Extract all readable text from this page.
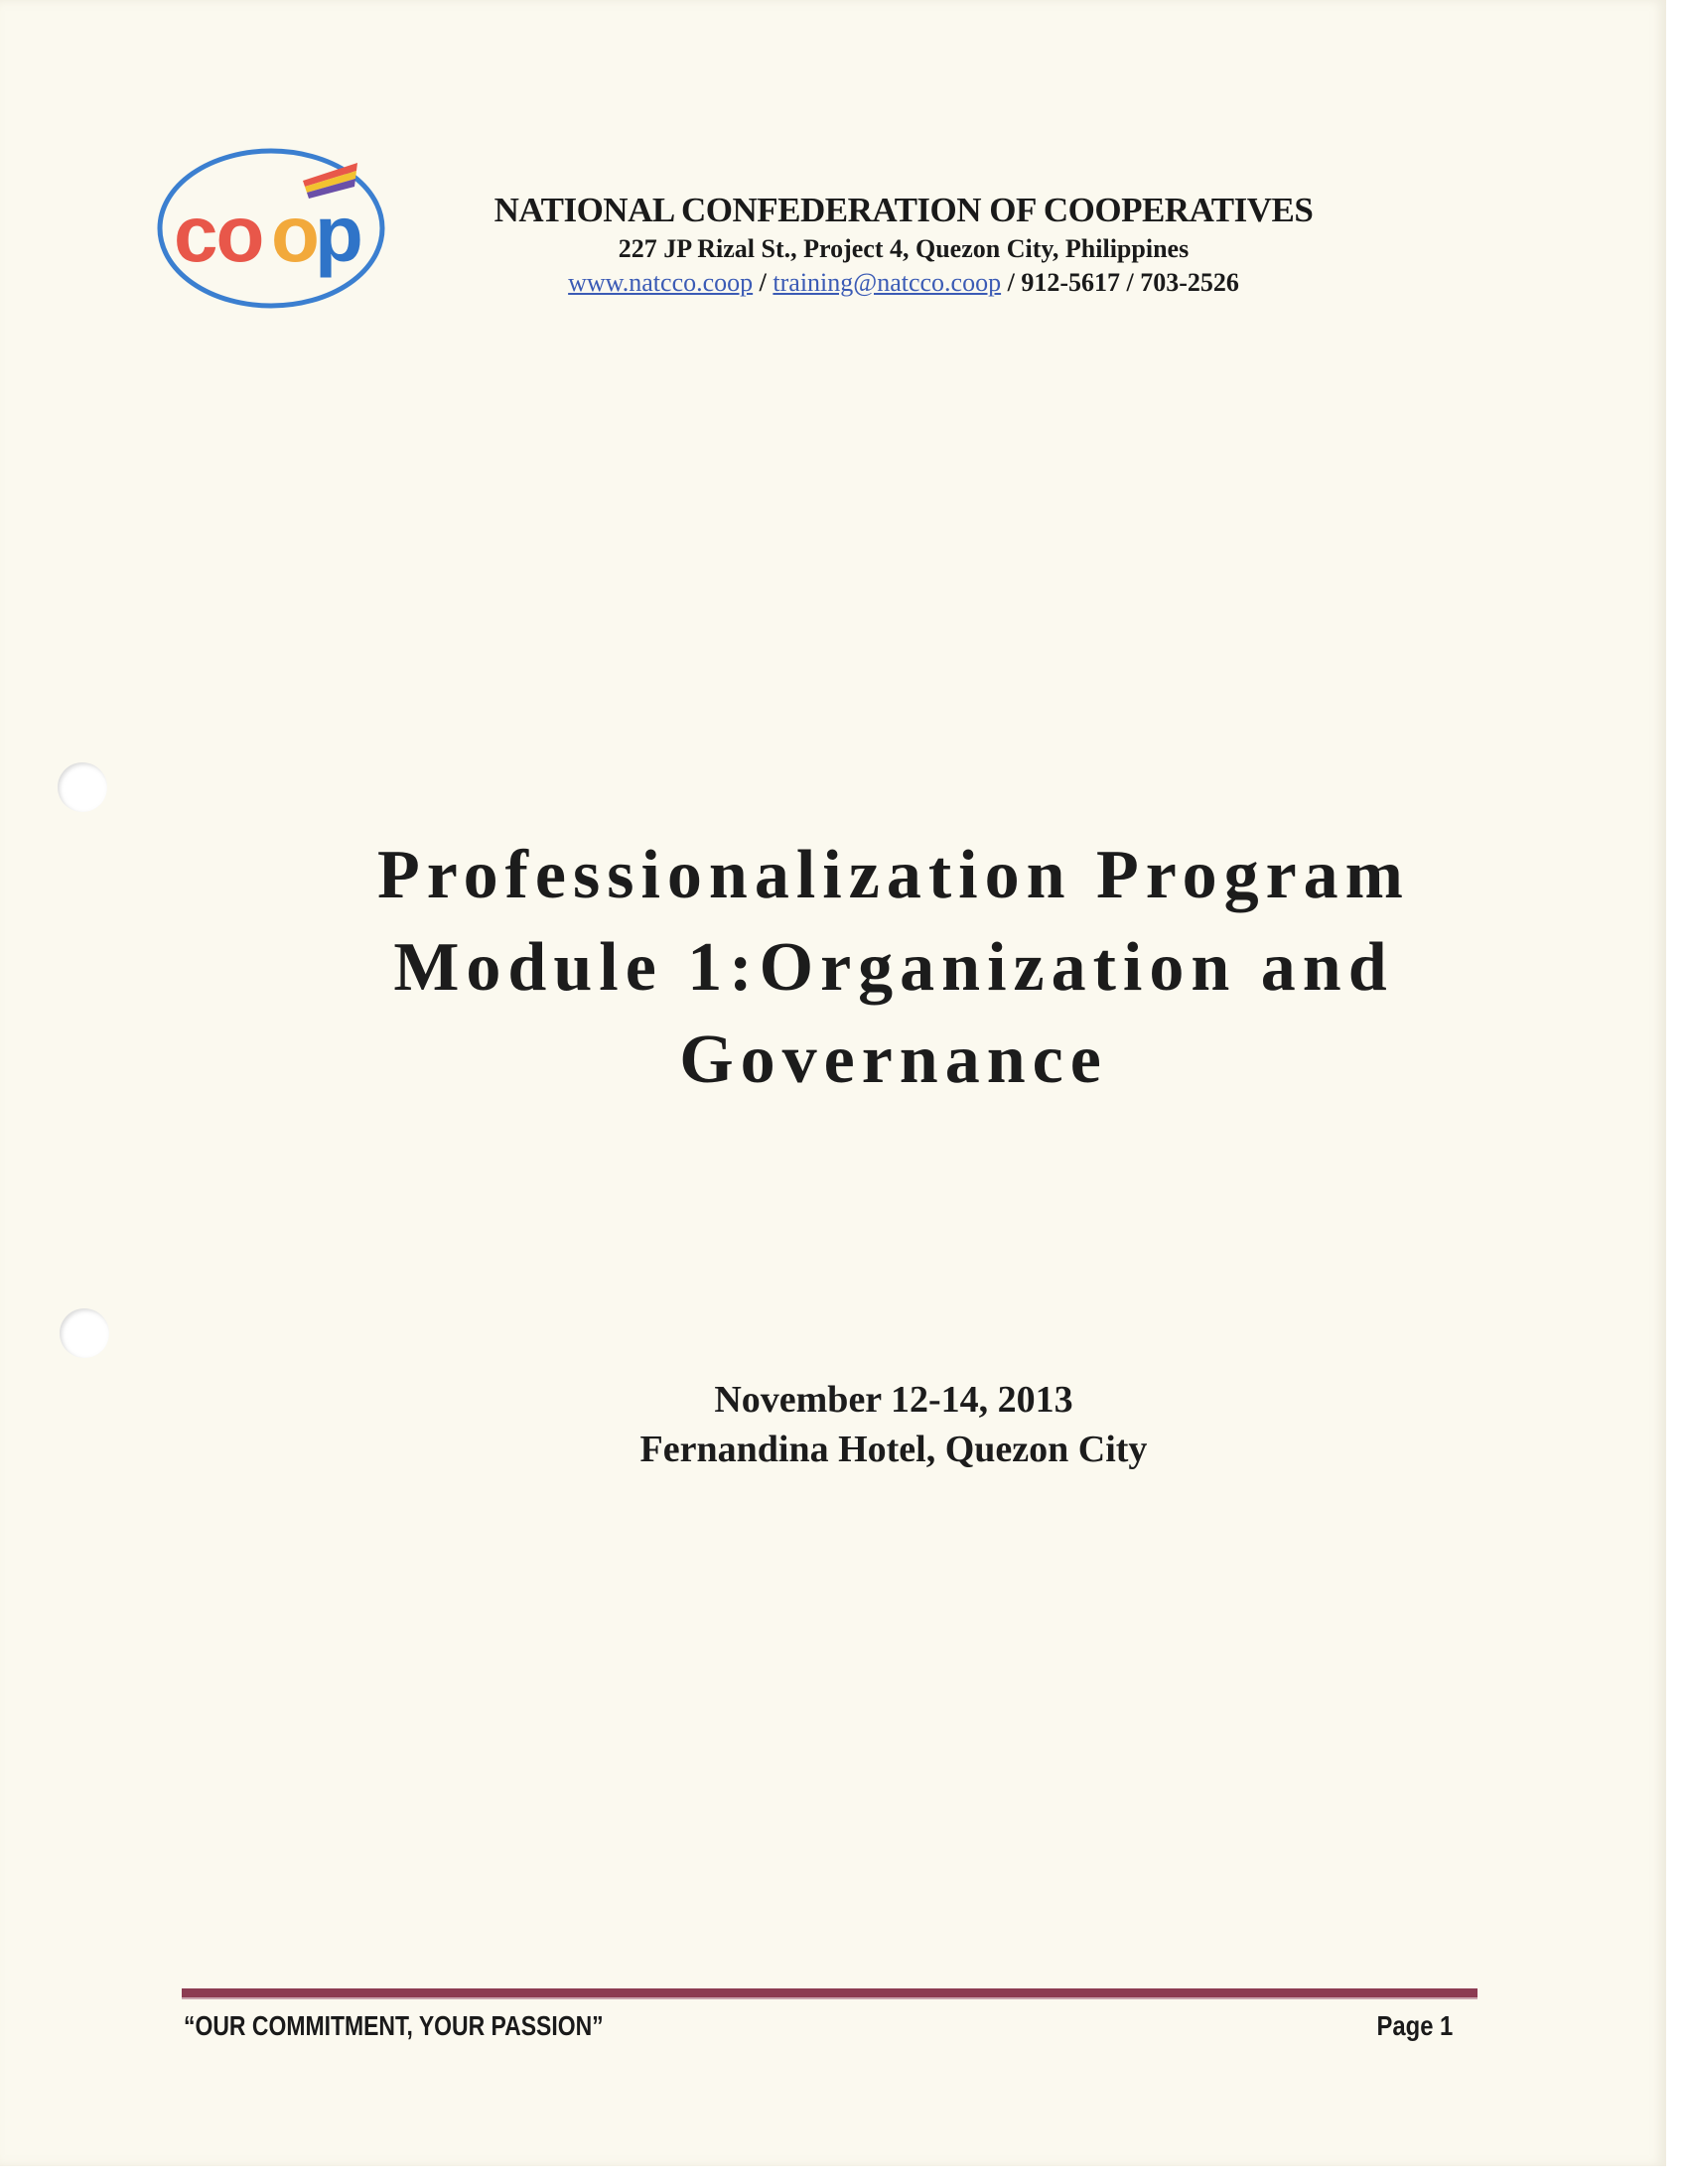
co o
p	NATIONAL CONFEDERATION OF COOPERATIVES
227 JP Rizal St., Project 4, Quezon City, Philippines
www.natcco.coop / training@natcco.coop / 912-5617 / 703-2526
Professionalization Program
Module 1:Organization and
Governance
November 12-14, 2013
Fernandina Hotel, Quezon City
“OUR COMMITMENT, YOUR PASSION”	Page 1
